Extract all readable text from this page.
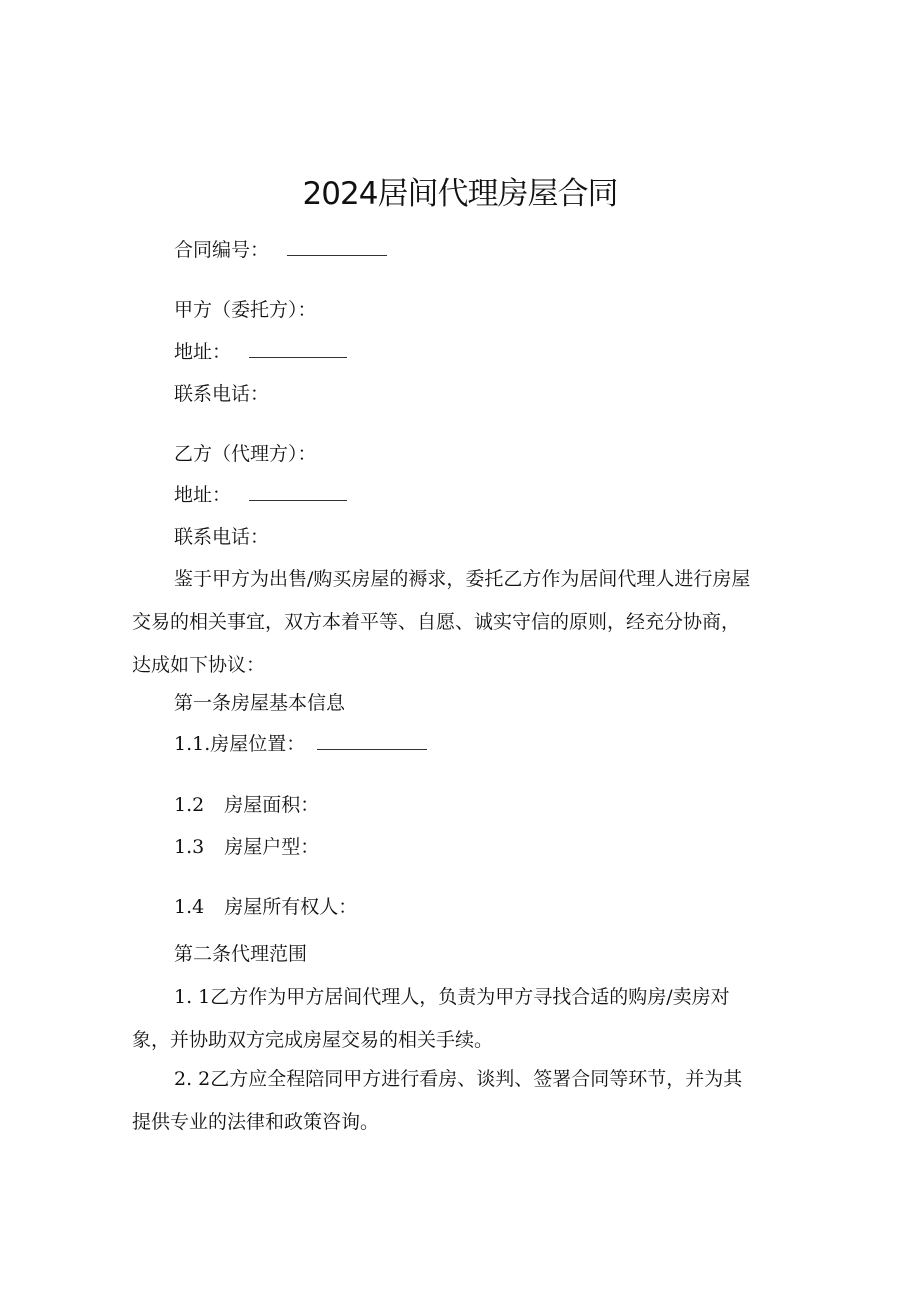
2024居间代理房屋合同
合同编号：
甲方（委托方）：
地址：
联系电话：
乙方（代理方）：
地址：
联系电话：
鉴于甲方为出售/购买房屋的褥求，委托乙方作为居间代理人进行房屋
交易的相关事宜，双方本着平等、自愿、诚实守信的原则，经充分协商，
达成如下协议：
第一条房屋基本信息
1.1.房屋位置：
1.2 房屋面积：
1.3 房屋户型：
1.4 房屋所有权人：
第二条代理范围
1. 1乙方作为甲方居间代理人，负责为甲方寻找合适的购房/卖房对
象，并协助双方完成房屋交易的相关手续。
2. 2乙方应全程陪同甲方进行看房、谈判、签署合同等环节，并为其
提供专业的法律和政策咨询。
